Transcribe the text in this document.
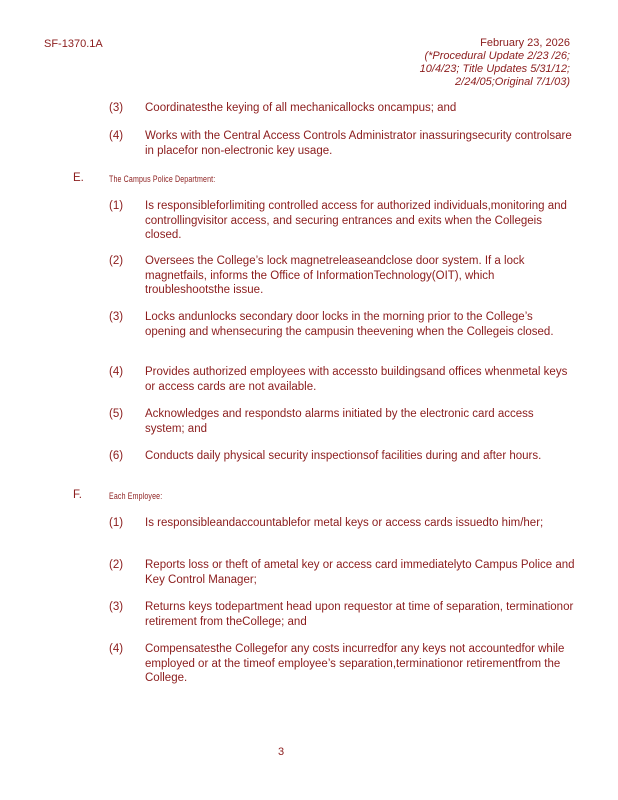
SF-1370.1A	February 23, 2026
(*Procedural Update 2/23 /26;
10/4/23; Title Updates 5/31/12;
2/24/05;Original 7/1/03)
(3)	Coordinatesthe keying of all mechanicallocks oncampus; and
(4)	Works with the Central Access Controls Administrator inassuringsecurity controlsare in placefor non-electronic key usage.
E.	The Campus Police Department:
(1)	Is responsibleforlimiting controlled access for authorized individuals,monitoring and controllingvisitor access, and securing entrances and exits when the Collegeis closed.
(2)	Oversees the College’s lock magnetreleaseandclose door system. If a lock magnetfails, informs the Office of InformationTechnology(OIT), which troubleshootsthe issue.
(3)	Locks andunlocks secondary door locks in the morning prior to the College’s opening and whensecuring the campusin theevening when the Collegeis closed.
(4)	Provides authorized employees with accessto buildingsand offices whenmetal keys or access cards are not available.
(5)	Acknowledges and respondsto alarms initiated by the electronic card access system; and
(6)	Conducts daily physical security inspectionsof facilities during and after hours.
F.	Each Employee:
(1)	Is responsibleandaccountablefor metal keys or access cards issuedto him/her;
(2)	Reports loss or theft of ametal key or access card immediatelyto Campus Police and Key Control Manager;
(3)	Returns keys todepartment head upon requestor at time of separation, terminationor retirement from theCollege; and
(4)	Compensatesthe Collegefor any costs incurredfor any keys not accountedfor while employed or at the timeof employee’s separation,terminationor retirementfrom the College.
3
